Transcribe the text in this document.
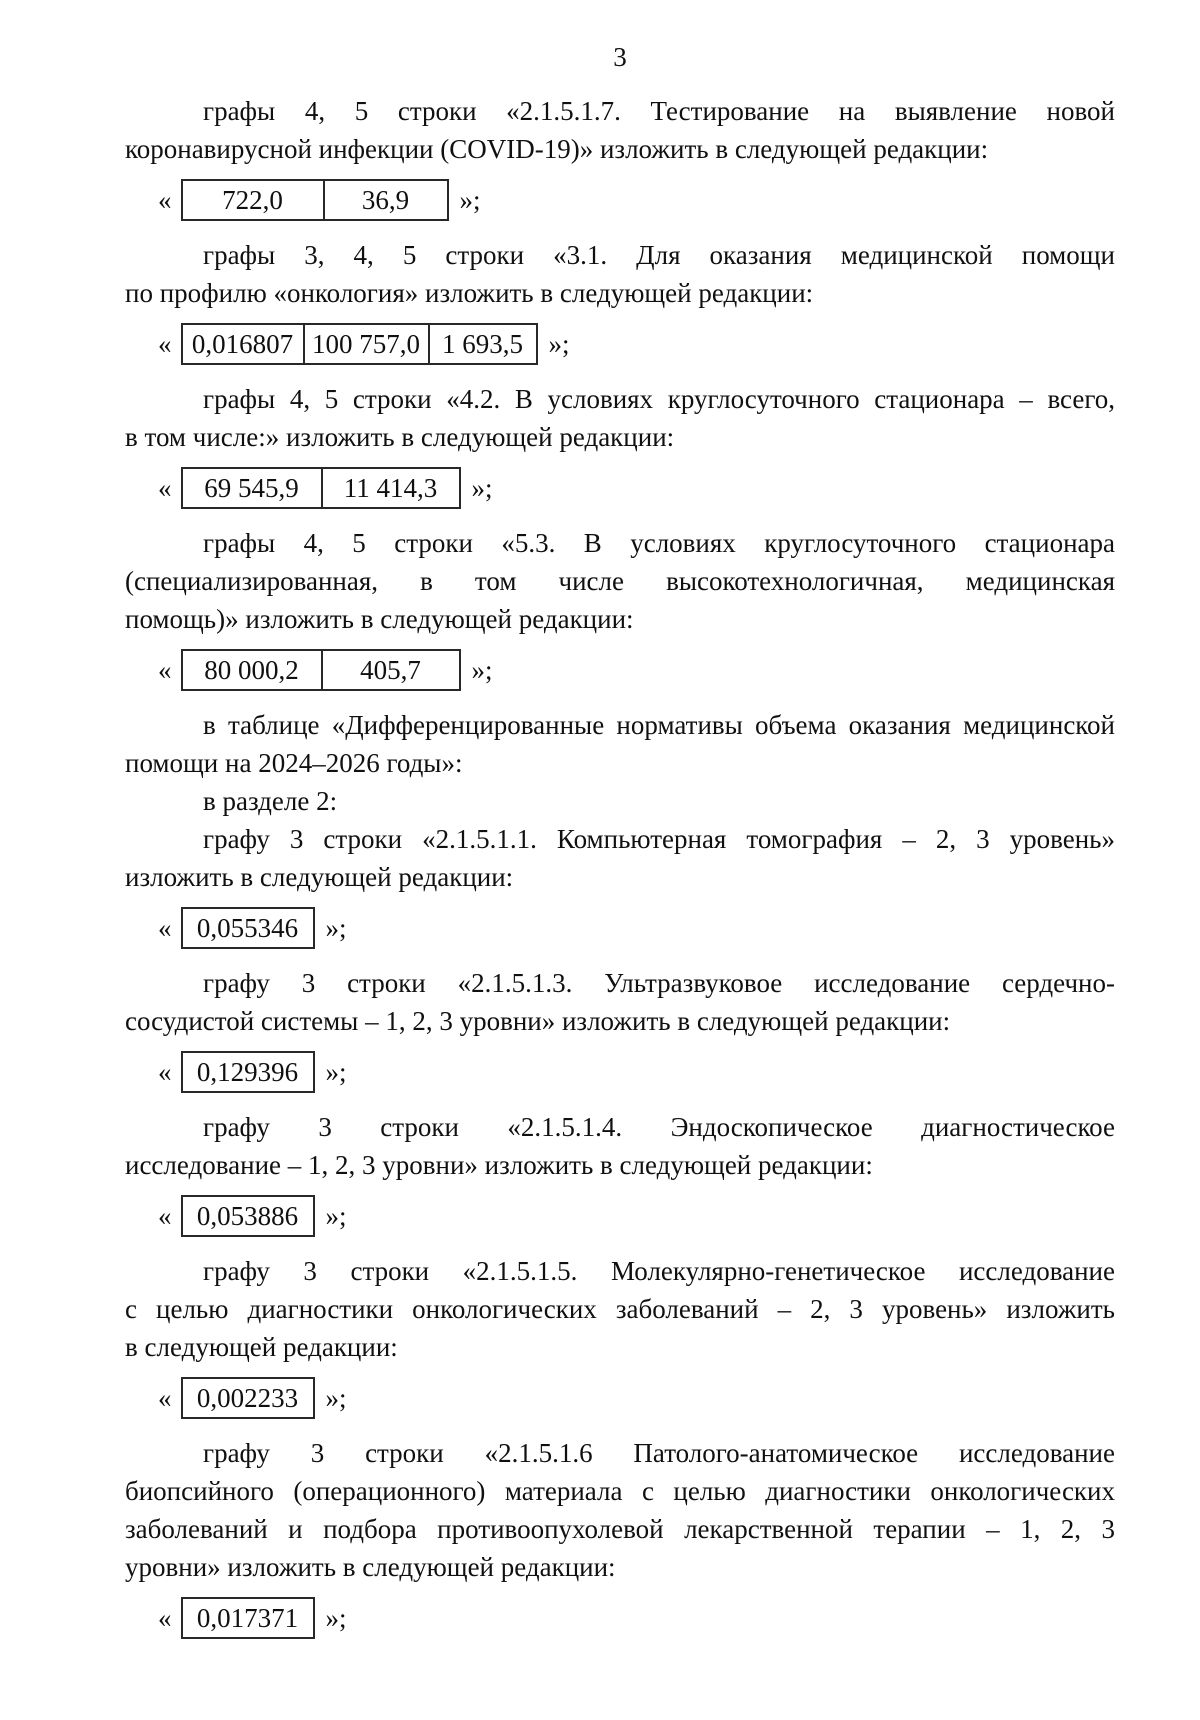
3
графы 4, 5 строки «2.1.5.1.7. Тестирование на выявление новой
коронавирусной инфекции (COVID-19)» изложить в следующей редакции:
« 722,0	36,9 »;
графы 3, 4, 5 строки «3.1. Для оказания медицинской помощи
по профилю «онкология» изложить в следующей редакции:
« 0,016807	100 757,0	1 693,5 »;
графы 4, 5 строки «4.2. В условиях круглосуточного стационара – всего,
в том числе:» изложить в следующей редакции:
« 69 545,9	11 414,3 »;
графы 4, 5 строки «5.3. В условиях круглосуточного стационара
(специализированная, в том числе высокотехнологичная, медицинская
помощь)» изложить в следующей редакции:
« 80 000,2	405,7 »;
в таблице «Дифференцированные нормативы объема оказания медицинской
помощи на 2024–2026 годы»:
в разделе 2:
графу 3 строки «2.1.5.1.1. Компьютерная томография – 2, 3 уровень»
изложить в следующей редакции:
« 0,055346 »;
графу 3 строки «2.1.5.1.3. Ультразвуковое исследование сердечно-
сосудистой системы – 1, 2, 3 уровни» изложить в следующей редакции:
« 0,129396 »;
графу 3 строки «2.1.5.1.4. Эндоскопическое диагностическое
исследование – 1, 2, 3 уровни» изложить в следующей редакции:
« 0,053886 »;
графу 3 строки «2.1.5.1.5. Молекулярно-генетическое исследование
с целью диагностики онкологических заболеваний – 2, 3 уровень» изложить
в следующей редакции:
« 0,002233 »;
графу 3 строки «2.1.5.1.6 Патолого-анатомическое исследование
биопсийного (операционного) материала с целью диагностики онкологических
заболеваний и подбора противоопухолевой лекарственной терапии – 1, 2, 3
уровни» изложить в следующей редакции:
« 0,017371 »;
